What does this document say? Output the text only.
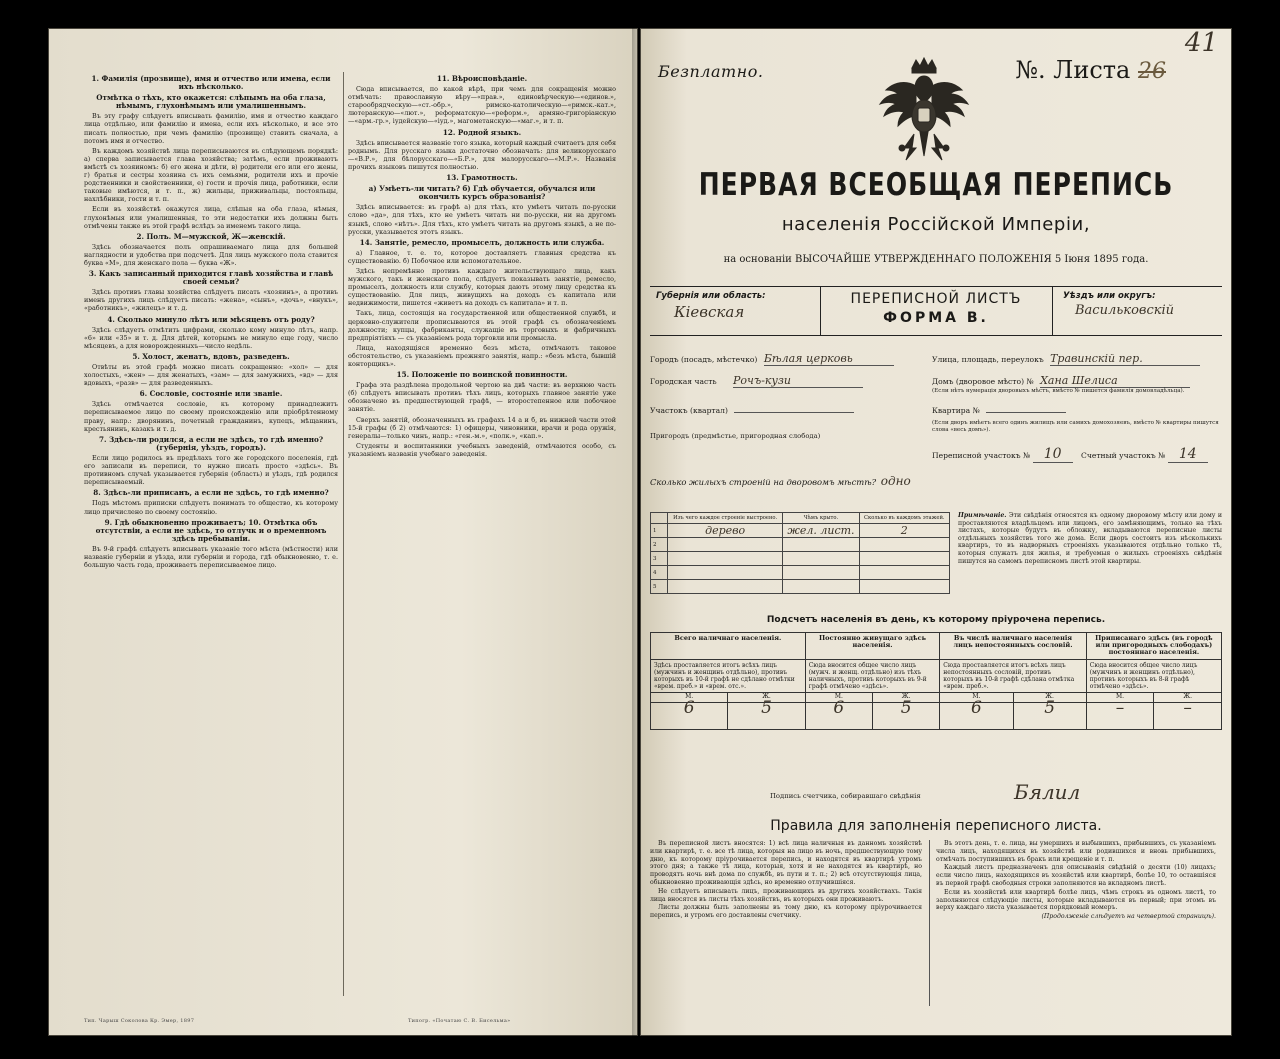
1. Фамилія (прозвище), имя и отчество или имена, если ихъ нѣсколько.

Отмѣтка о тѣхъ, кто окажется: слѣпымъ на оба глаза, нѣмымъ, глухонѣмымъ или умалишеннымъ.

Въ эту графу слѣдуетъ вписывать фамилію, имя и отчество каждаго лица отдѣльно, или фамилію и имена, если ихъ нѣсколько, и все это писать полностью, при чемъ фамилію (прозвище) ставить сначала, а потомъ имя и отчество.

Въ каждомъ хозяйствѣ лица переписываются въ слѣдующемъ порядкѣ: а) сперва записывается глава хозяйства; затѣмъ, если проживаютъ вмѣстѣ съ хозяиномъ: б) его жена и дѣти, в) родители его или его жены, г) братья и сестры хозяина съ ихъ семьями, родители ихъ и прочіе родственники и свойственники, е) гости и прочія лица, работники, если таковые имѣются, и т. п., ж) жильцы, приживальцы, постояльцы, нахлѣбники, гости и т. п.

Если въ хозяйствѣ окажутся лица, слѣпыя на оба глаза, нѣмыя, глухонѣмыя или умалишенныя, то эти недостатки ихъ должны быть отмѣчены также въ этой графѣ вслѣдъ за именемъ такого лица.

2. Полъ. М—мужской, Ж—женскій.

Здѣсь обозначается полъ опрашиваемаго лица для большей наглядности и удобства при подсчетѣ. Для лицъ мужского пола ставится буква «М», для женскаго пола — буква «Ж».

3. Какъ записанный приходится главѣ хозяйства и главѣ своей семьи?

Здѣсь противъ главы хозяйства слѣдуетъ писать «хозяинъ», а противъ именъ другихъ лицъ слѣдуетъ писать: «жена», «сынъ», «дочь», «внукъ», «работникъ», «жилецъ» и т. д.

4. Сколько минуло лѣтъ или мѣсяцевъ отъ роду?

Здѣсь слѣдуетъ отмѣтить цифрами, сколько кому минуло лѣтъ, напр. «6» или «35» и т. д. Для дѣтей, которымъ не минуло еще году, число мѣсяцевъ, а для новорожденныхъ—число недѣль.

5. Холост, женатъ, вдовъ, разведенъ.

Отвѣты въ этой графѣ можно писать сокращенно: «хол» — для холостыхъ, «жен» — для женатыхъ, «зам» — для замужнихъ, «вд» — для вдовыхъ, «разв» — для разведенныхъ.

6. Сословіе, состояніе или званіе.

Здѣсь отмѣчается сословіе, къ которому принадлежитъ переписываемое лицо по своему происхожденію или пріобрѣтенному праву, напр.: дворянинъ, почетный гражданинъ, купецъ, мѣщанинъ, крестьянинъ, казакъ и т. д.

7. Здѣсь-ли родился, а если не здѣсь, то гдѣ именно? (губернія, уѣздъ, городъ).

Если лицо родилось въ предѣлахъ того же городского поселенія, гдѣ его записали въ переписи, то нужно писать просто «здѣсь». Въ противномъ случаѣ указывается губернія (область) и уѣздъ, гдѣ родился переписываемый.

8. Здѣсь-ли приписанъ, а если не здѣсь, то гдѣ именно?

Подъ мѣстомъ приписки слѣдуетъ понимать то общество, къ которому лицо причислено по своему состоянію.

9. Гдѣ обыкновенно проживаетъ; 10. Отмѣтка объ отсутствіи, а если не здѣсь, то отлучк и о временномъ здѣсь пребываніи.

Въ 9-й графѣ слѣдуетъ вписывать указаніе того мѣста (мѣстности) или названіе губерніи и уѣзда, или губерніи и города, гдѣ обыкновенно, т. е. большую часть года, проживаетъ переписываемое лицо.

11. Вѣроисповѣданіе.

Сюда вписывается, по какой вѣрѣ, при чемъ для сокращенія можно отмѣчать: православную вѣру—«прав.», единовѣрческую—«единов.», старообрядческую—«ст.-обр.», римско-католическую—«римск.-кат.», лютеранскую—«лют.», реформатскую—«реформ.», армяно-григоріанскую—«арм.-гр.», іудейскую—«іуд.», магометанскую—«маг.», и т. п.

12. Родной языкъ.

Здѣсь вписывается названіе того языка, который каждый считаетъ для себя роднымъ. Для русскаго языка достаточно обозначать: для великорусскаго—«В.Р.», для бѣлорусскаго—«Б.Р.», для малорусскаго—«М.Р.». Названія прочихъ языковъ пишутся полностью.

13. Грамотность.

а) Умѣетъ-ли читать? б) Гдѣ обучается, обучался или окончилъ курсъ образованія?

Здѣсь вписывается: въ графѣ а) для тѣхъ, кто умѣетъ читать по-русски слово «да», для тѣхъ, кто не умѣетъ читать ни по-русски, ни на другомъ языкѣ, слово «нѣтъ». Для тѣхъ, кто умѣетъ читать на другомъ языкѣ, а не по-русски, указывается этотъ языкъ.

14. Занятіе, ремесло, промыселъ, должность или служба.

а) Главное, т. е. то, которое доставляетъ главныя средства къ существованію. б) Побочное или вспомогательное.

Здѣсь непремѣнно противъ каждаго жительствующаго лица, какъ мужского, такъ и женскаго пола, слѣдуетъ показывать занятіе, ремесло, промыселъ, должность или службу, которыя даютъ этому лицу средства къ существованію. Для лицъ, живущихъ на доходъ съ капитала или недвижимости, пишется «живетъ на доходъ съ капитала» и т. п.

Такъ, лица, состоящія на государственной или общественной службѣ, и церковно-служители прописываются въ этой графѣ съ обозначеніемъ должности; купцы, фабриканты, служащіе въ торговыхъ и фабричныхъ предпріятіяхъ — съ указаніемъ рода торговли или промысла.

Лица, находящіяся временно безъ мѣста, отмѣчаютъ таковое обстоятельство, съ указаніемъ прежняго занятія, напр.: «безъ мѣста, бывшій конторщикъ».

15. Положеніе по воинской повинности.

Графа эта раздѣлена продольной чертою на двѣ части: въ верхнюю часть (б) слѣдуетъ вписывать противъ тѣхъ лицъ, которыхъ главное занятіе уже обозначено въ предшествующей графѣ, — второстепенное или побочное занятіе.

Сверхъ занятій, обозначенныхъ въ графахъ 14 а и б, въ нижней части этой 15-й графы (б 2) отмѣчаются: 1) офицеры, чиновники, врачи и рода оружія, генералы—только чинъ, напр.: «ген.-м.», «полк.», «кап.».

Студенты и воспитанники учебныхъ заведеній, отмѣчаются особо, съ указаніемъ названія учебнаго заведенія.

Тип. Чарыш Соколова Кр. Эмер, 1897	Типогр. «Початаю С. В. Бисельма»
Безплатно.
41
№. Листа 26
ПЕРВАЯ ВСЕОБЩАЯ ПЕРЕПИСЬ
населенія Россійской Имперіи,
на основаніи ВЫСОЧАЙШЕ УТВЕРЖДЕННАГО ПОЛОЖЕНІЯ 5 Іюня 1895 года.
Губернія или область:
Кіевская
ПЕРЕПИСНОЙ ЛИСТЪ
ФОРМА В.
Уѣздъ или округъ:
Васильковскій
Городъ (посадъ, мѣстечко) Бѣлая церковь
Городская часть Рочъ-кузи
Участокъ (квартал)
Пригородъ (предмѣстье, пригородная слобода)
Улица, площадь, переулокъ Травинскій пер.
Домъ (дворовое мѣсто) № Хана Шелиса
(Если нѣтъ нумерація дворовыхъ мѣстъ, вмѣсто № пишется фамилія домовладѣльца).
Квартира №
(Если дворъ имѣетъ всего одинъ жилищъ или самихъ домохозяевъ, вмѣсто № квартиры пишутся слова «весь домъ»).
Переписной участокъ № 10	Счетный участокъ № 14
Сколько жилыхъ строеній на дворовомъ мѣстѣ? одно
	Изъ чего каждое строеніе выстроено.	Чѣмъ крыто.	Сколько въ каждомъ этажей.
1	дерево	жел. лист.	2
2			
3			
4			
5			
Примѣчаніе. Эти свѣдѣнія относятся къ одному дворовому мѣсту или дому и проставляются владѣльцемъ или лицомъ, его замѣняющимъ, только на тѣхъ листахъ, которые будутъ въ обложку, вкладываются переписные листы отдѣльныхъ хозяйствъ того же дома. Если дворъ состоитъ изъ нѣсколькихъ квартиръ, то въ надворныхъ строеніяхъ указываются отдѣльно только тѣ, которыя служатъ для жилья, и требуемыя о жилыхъ строеніяхъ свѣдѣнія пишутся на самомъ переписномъ листѣ этой квартиры.
Подсчетъ населенія въ день, къ которому пріурочена перепись.
Всего наличнаго населенія.		Постоянно живущаго здѣсь населенія.		Въ числѣ наличнаго населенія лицъ непостоянныхъ сословій.		Приписанаго здѣсь (въ городѣ или пригородныхъ слободахъ) постояннаго населенія.	
Здѣсь проставляется итогъ всѣхъ лицъ (мужчинъ и женщинъ отдѣльно), противъ которыхъ въ 10-й графѣ не сдѣлано отмѣтки «врем. преб.» и «врем. отс.».		Сюда вносится общее число лицъ (мужч. и женщ. отдѣльно) изъ тѣхъ наличныхъ, противъ которыхъ въ 9-й графѣ отмѣчено «здѣсь».		Сюда проставляется итогъ всѣхъ лицъ непостоянныхъ сословій, противъ которыхъ въ 10-й графѣ сдѣлана отмѣтка «врем. преб.».		Сюда вносится общее число лицъ (мужчинъ и женщинъ отдѣльно), противъ которыхъ въ 8-й графѣ отмѣчено «здѣсь».	
М.	Ж.	М.	Ж.	М.	Ж.	М.	Ж.
6	5	6	5	6	5	–	–
Подпись счетчика, собиравшаго свѣдѣнія	Бялил
Правила для заполненія переписного листа.

Въ переписной листъ вносятся: 1) всѣ лица наличныя въ данномъ хозяйствѣ или квартирѣ, т. е. все тѣ лица, которыя на лицо въ ночь, предшествующую тому дню, къ которому пріурочивается перепись, и находятся въ квартирѣ утромъ этого дня; а также тѣ лица, которыя, хотя и не находятся въ квартирѣ, но проводятъ ночь внѣ дома по службѣ, въ пути и т. п.; 2) всѣ отсутствующія лица, обыкновенно проживающія здѣсь, но временно отлучившіяся.

Не слѣдуетъ вписывать лицъ, проживающихъ въ другихъ хозяйствахъ. Такія лица вносятся въ листы тѣхъ хозяйствъ, въ которыхъ они проживаютъ.

Листы должны быть заполнены въ тому дню, къ которому пріурочивается перепись, и утромъ его доставлены счетчику.

Въ этотъ день, т. е. лица, вы умершихъ и выбывшихъ, прибывшихъ, съ указаніемъ числа лицъ, находящихся въ хозяйствѣ или родившихся и вновь прибывшихъ, отмѣчать поступившихъ въ бракъ или крещеніе и т. п.

Каждый листъ предназначенъ для описыванія свѣдѣній о десяти (10) лицахъ; если число лицъ, находящихся въ хозяйствѣ или квартирѣ, болѣе 10, то оставшіяся въ первой графѣ свободныя строки заполняются на вкладномъ листѣ.

Если въ хозяйствѣ или квартирѣ болѣе лицъ, чѣмъ строкъ въ одномъ листѣ, то заполняются слѣдующіе листы, которые вкладываются въ первый; при этомъ въ верху каждаго листа указывается порядковый номеръ.

(Продолженіе слѣдуетъ на четвертой страницѣ).
